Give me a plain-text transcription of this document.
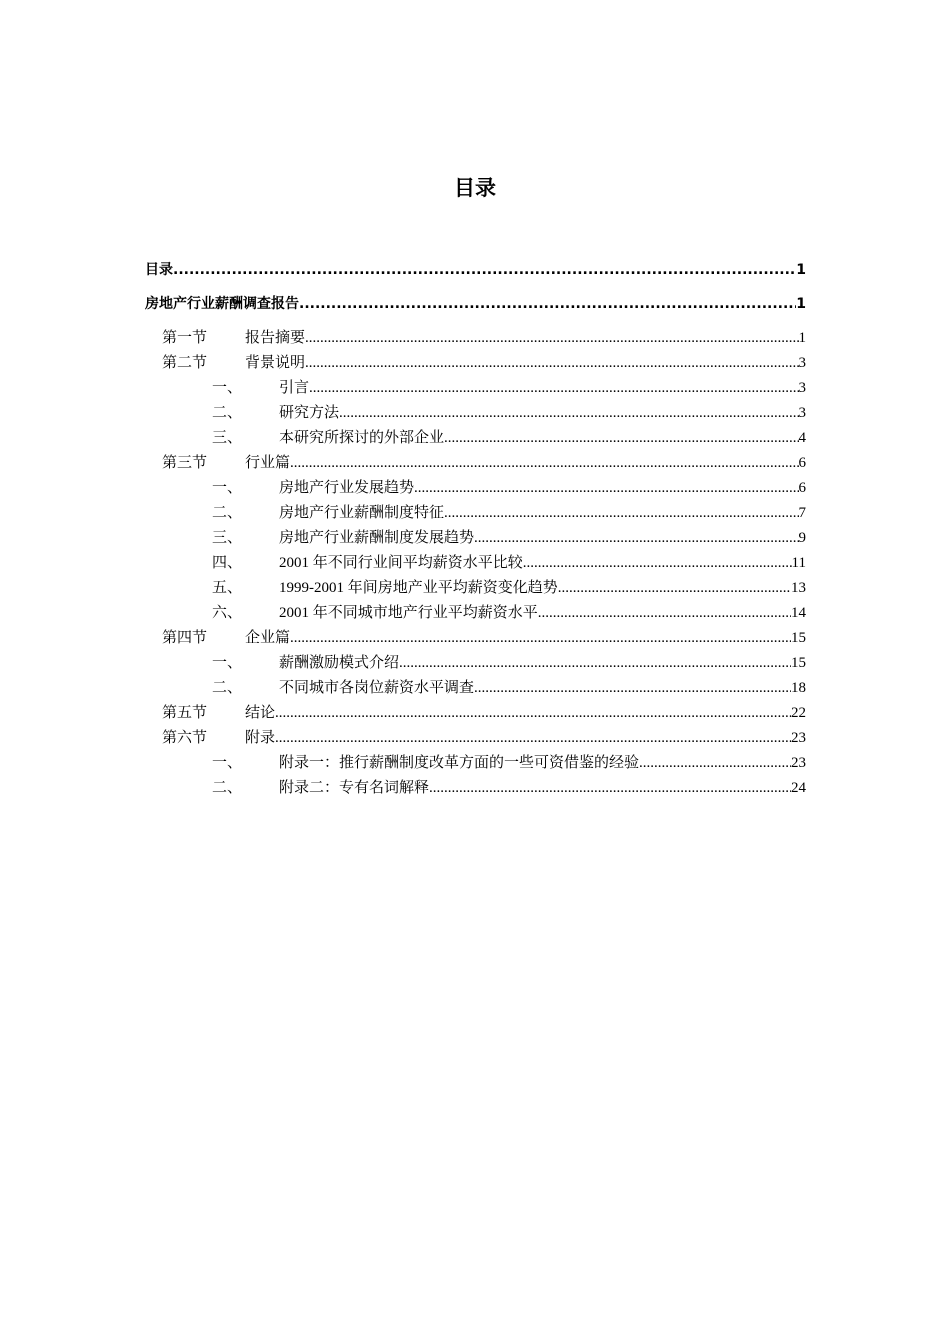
目录
目录 .....	1
房地产行业薪酬调查报告 .....	1
第一节	报告摘要 .....	1
第二节	背景说明 .....	3
一、	引言 .....	3
二、	研究方法 .....	3
三、	本研究所探讨的外部企业 .....	4
第三节	行业篇 .....	6
一、	房地产行业发展趋势 .....	6
二、	房地产行业薪酬制度特征 .....	7
三、	房地产行业薪酬制度发展趋势 .....	9
四、	2001 年不同行业间平均薪资水平比较 .....	11
五、	1999-2001 年间房地产业平均薪资变化趋势 .....	13
六、	2001 年不同城市地产行业平均薪资水平 .....	14
第四节	企业篇 .....	15
一、	薪酬激励模式介绍 .....	15
二、	不同城市各岗位薪资水平调查 .....	18
第五节	结论 .....	22
第六节	附录 .....	23
一、	附录一：推行薪酬制度改革方面的一些可资借鉴的经验 .....	23
二、	附录二：专有名词解释 .....	24
